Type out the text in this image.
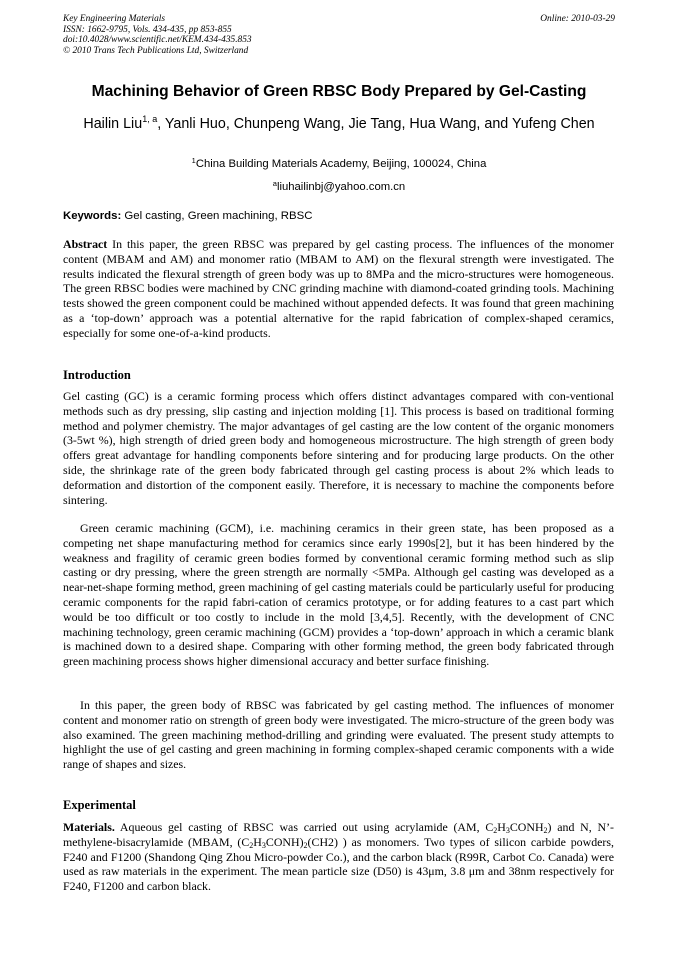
Key Engineering Materials
ISSN: 1662-9795, Vols. 434-435, pp 853-855
doi:10.4028/www.scientific.net/KEM.434-435.853
© 2010 Trans Tech Publications Ltd, Switzerland
Online: 2010-03-29
Machining Behavior of Green RBSC Body Prepared by Gel-Casting
Hailin Liu$^{1, a}$, Yanli Huo, Chunpeng Wang, Jie Tang, Hua Wang, and Yufeng Chen
$^1$China Building Materials Academy, Beijing, 100024, China
$^a$liuhailinbj@yahoo.com.cn
Keywords: Gel casting, Green machining, RBSC

Abstract In this paper, the green RBSC was prepared by gel casting process. The influences of the monomer content (MBAM and AM) and monomer ratio (MBAM to AM) on the flexural strength were investigated. The results indicated the flexural strength of green body was up to 8MPa and the micro-structures were homogeneous. The green RBSC bodies were machined by CNC grinding machine with diamond-coated grinding tools. Machining tests showed the green component could be machined without appended defects. It was found that green machining as a ‘top-down’ approach was a potential alternative for the rapid fabrication of complex-shaped ceramics, especially for some one-of-a-kind products.

Introduction

Gel casting (GC) is a ceramic forming process which offers distinct advantages compared with con-ventional methods such as dry pressing, slip casting and injection molding [1]. This process is based on traditional forming method and polymer chemistry. The major advantages of gel casting are the low content of the organic monomers (3-5wt %), high strength of dried green body and homogeneous microstructure. The high strength of green body offers great advantage for handling components before sintering and for producing large products. On the other side, the shrinkage rate of the green body fabricated through gel casting process is about 2% which leads to deformation and distortion of the component easily. Therefore, it is necessary to machine the components before sintering.

Green ceramic machining (GCM), i.e. machining ceramics in their green state, has been proposed as a competing net shape manufacturing method for ceramics since early 1990s[2], but it has been hindered by the weakness and fragility of ceramic green bodies formed by conventional ceramic forming method such as slip casting or dry pressing, where the green strength are normally <5MPa. Although gel casting was developed as a near-net-shape forming method, green machining of gel casting materials could be particularly useful for producing ceramic components for the rapid fabri-cation of ceramics prototype, or for adding features to a cast part which would be too difficult or too costly to include in the mold [3,4,5]. Recently, with the development of CNC machining technology, green ceramic machining (GCM) provides a ‘top-down’ approach in which a ceramic blank is machined down to a desired shape. Comparing with other forming method, the green body fabricated through green machining process shows higher dimensional accuracy and better surface finishing.

In this paper, the green body of RBSC was fabricated by gel casting method. The influences of monomer content and monomer ratio on strength of green body were investigated. The micro-structure of the green body was also examined. The green machining method-drilling and grinding were evaluated. The present study attempts to highlight the use of gel casting and green machining in forming complex-shaped ceramic components with a wide range of shapes and sizes.

Experimental

Materials. Aqueous gel casting of RBSC was carried out using acrylamide (AM, $C_2H_3CONH_2$) and N, N’- methylene-bisacrylamide (MBAM, $(C_2H_3CONH)_2(CH2)$ ) as monomers. Two types of silicon carbide powders, F240 and F1200 (Shandong Qing Zhou Micro-powder Co.), and the carbon black (R99R, Carbot Co. Canada) were used as raw materials in the experiment. The mean particle size (D50) is 43μm, 3.8 μm and 38nm respectively for F240, F1200 and carbon black.
